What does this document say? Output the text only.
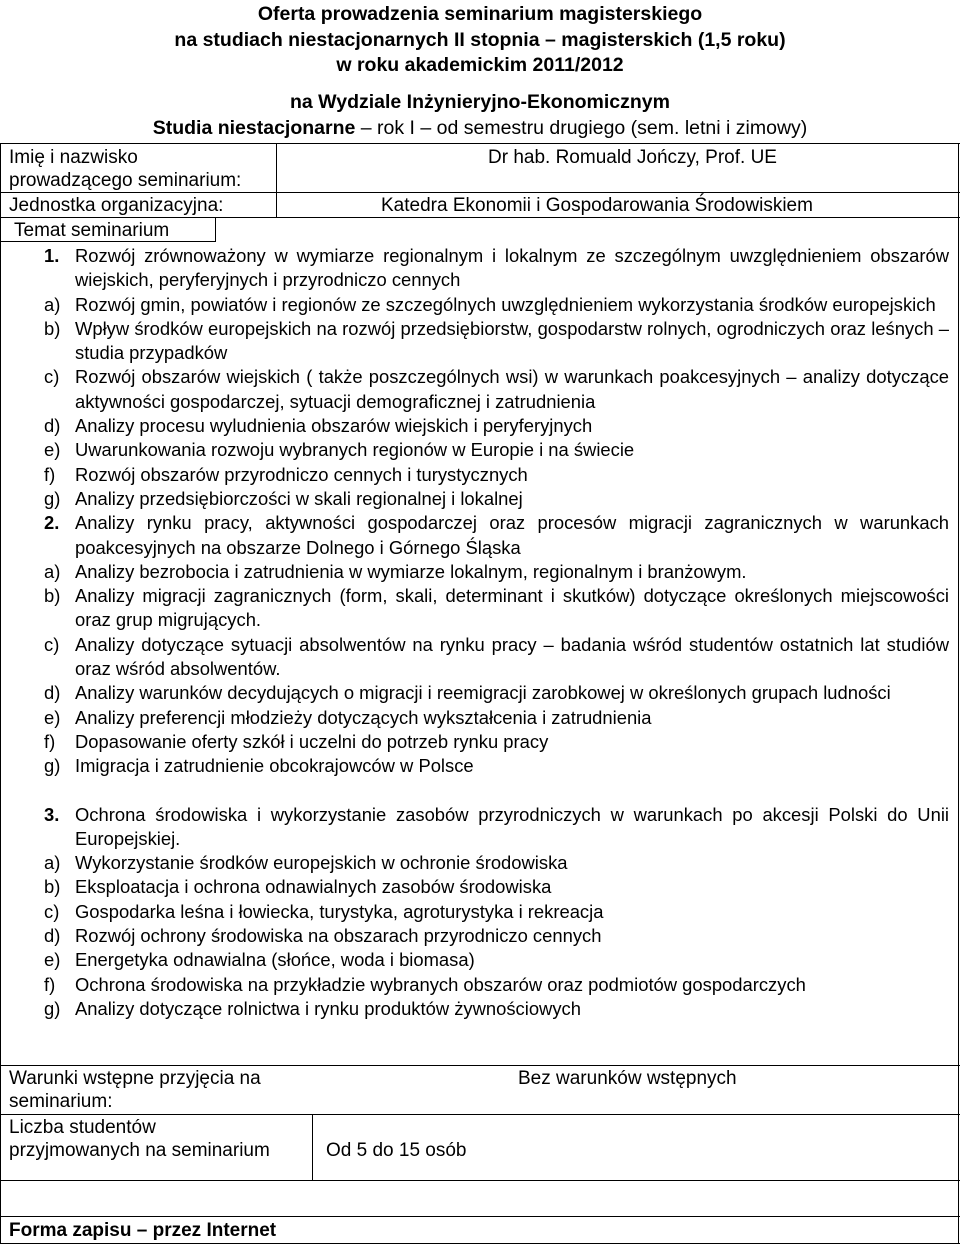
Oferta prowadzenia seminarium magisterskiego
na studiach niestacjonarnych II stopnia – magisterskich (1,5 roku)
w roku akademickim 2011/2012
na Wydziale Inżynieryjno-Ekonomicznym
Studia niestacjonarne – rok I – od semestru drugiego (sem. letni i zimowy)
Imię i nazwisko
prowadzącego seminarium:
Dr hab. Romuald Jończy, Prof. UE
Jednostka organizacyjna:	Katedra Ekonomii i Gospodarowania Środowiskiem
Temat seminarium
1. Rozwój zrównoważony w wymiarze regionalnym i lokalnym ze szczególnym uwzględnieniem obszarów wiejskich, peryferyjnych i przyrodniczo cennych
a) Rozwój gmin, powiatów i regionów ze szczególnych uwzględnieniem wykorzystania środków europejskich
b) Wpływ środków europejskich na rozwój przedsiębiorstw, gospodarstw rolnych, ogrodniczych oraz leśnych – studia przypadków
c) Rozwój obszarów wiejskich ( także poszczególnych wsi) w warunkach poakcesyjnych – analizy dotyczące aktywności gospodarczej, sytuacji demograficznej i zatrudnienia
d) Analizy procesu wyludnienia obszarów wiejskich i peryferyjnych
e) Uwarunkowania rozwoju wybranych regionów w Europie i na świecie
f) Rozwój obszarów przyrodniczo cennych i turystycznych
g) Analizy przedsiębiorczości w skali regionalnej i lokalnej
2. Analizy rynku pracy, aktywności gospodarczej oraz procesów migracji zagranicznych w warunkach poakcesyjnych na obszarze Dolnego i Górnego Śląska
a) Analizy bezrobocia i zatrudnienia w wymiarze lokalnym, regionalnym i branżowym.
b) Analizy migracji zagranicznych (form, skali, determinant i skutków) dotyczące określonych miejscowości oraz grup migrujących.
c) Analizy dotyczące sytuacji absolwentów na rynku pracy – badania wśród studentów ostatnich lat studiów oraz wśród absolwentów.
d) Analizy warunków decydujących o migracji i reemigracji zarobkowej w określonych grupach ludności
e) Analizy preferencji młodzieży dotyczących wykształcenia i zatrudnienia
f) Dopasowanie oferty szkół i uczelni do potrzeb rynku pracy
g) Imigracja i zatrudnienie obcokrajowców w Polsce
3. Ochrona środowiska i wykorzystanie zasobów przyrodniczych w warunkach po akcesji Polski do Unii Europejskiej.
a) Wykorzystanie środków europejskich w ochronie środowiska
b) Eksploatacja i ochrona odnawialnych zasobów środowiska
c) Gospodarka leśna i łowiecka, turystyka, agroturystyka i rekreacja
d) Rozwój ochrony środowiska na obszarach przyrodniczo cennych
e) Energetyka odnawialna (słońce, woda i biomasa)
f) Ochrona środowiska na przykładzie wybranych obszarów oraz podmiotów gospodarczych
g) Analizy dotyczące rolnictwa i rynku produktów żywnościowych
Warunki wstępne przyjęcia na
seminarium:
Bez warunków wstępnych
Liczba studentów
przyjmowanych na seminarium	Od 5 do 15 osób
Forma zapisu – przez Internet
